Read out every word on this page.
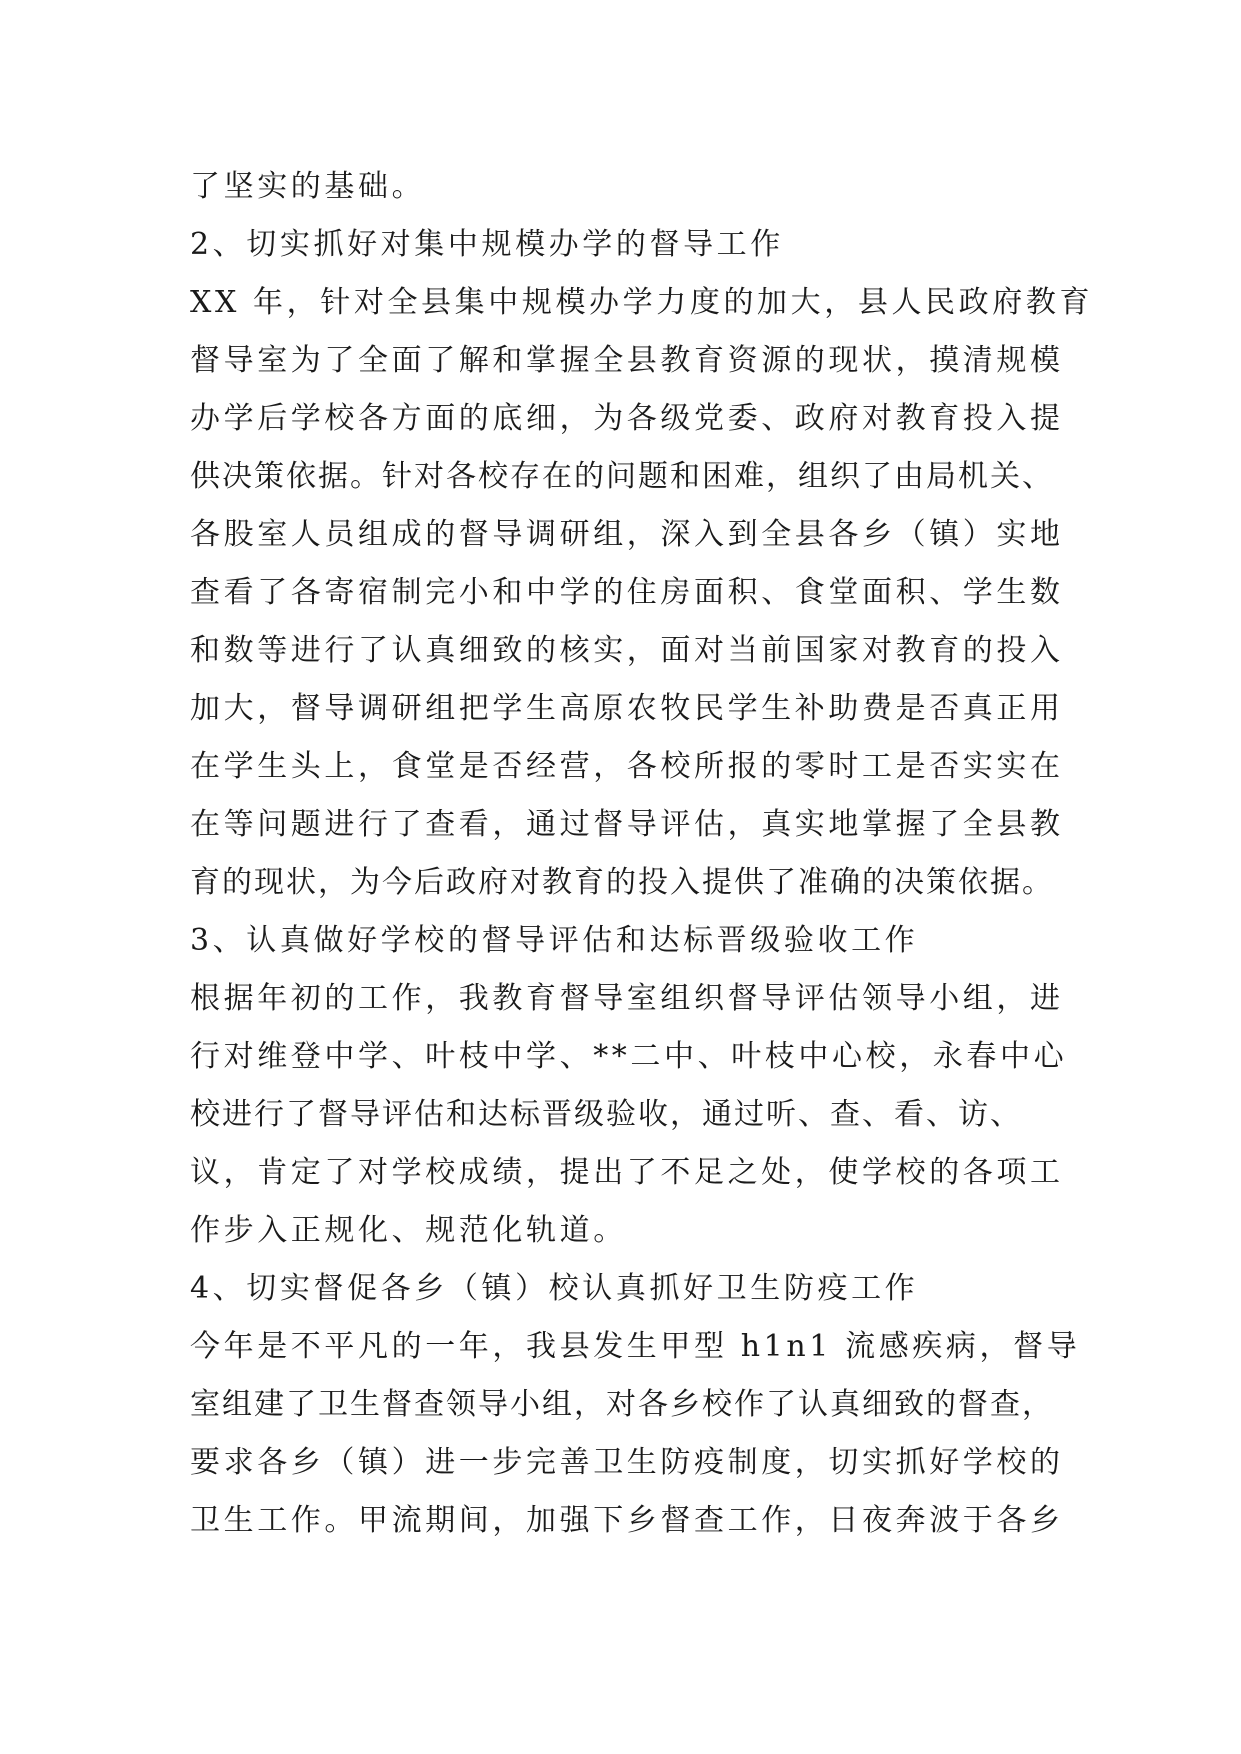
了坚实的基础。
2、切实抓好对集中规模办学的督导工作
XX 年，针对全县集中规模办学力度的加大，县人民政府教育
督导室为了全面了解和掌握全县教育资源的现状，摸清规模
办学后学校各方面的底细，为各级党委、政府对教育投入提
供决策依据。针对各校存在的问题和困难，组织了由局机关、
各股室人员组成的督导调研组，深入到全县各乡（镇）实地
查看了各寄宿制完小和中学的住房面积、食堂面积、学生数
和数等进行了认真细致的核实，面对当前国家对教育的投入
加大，督导调研组把学生高原农牧民学生补助费是否真正用
在学生头上，食堂是否经营，各校所报的零时工是否实实在
在等问题进行了查看，通过督导评估，真实地掌握了全县教
育的现状，为今后政府对教育的投入提供了准确的决策依据。
3、认真做好学校的督导评估和达标晋级验收工作
根据年初的工作，我教育督导室组织督导评估领导小组，进
行对维登中学、叶枝中学、**二中、叶枝中心校，永春中心
校进行了督导评估和达标晋级验收，通过听、查、看、访、
议，肯定了对学校成绩，提出了不足之处，使学校的各项工
作步入正规化、规范化轨道。
4、切实督促各乡（镇）校认真抓好卫生防疫工作
今年是不平凡的一年，我县发生甲型 h1n1 流感疾病，督导
室组建了卫生督查领导小组，对各乡校作了认真细致的督查，
要求各乡（镇）进一步完善卫生防疫制度，切实抓好学校的
卫生工作。甲流期间，加强下乡督查工作，日夜奔波于各乡
